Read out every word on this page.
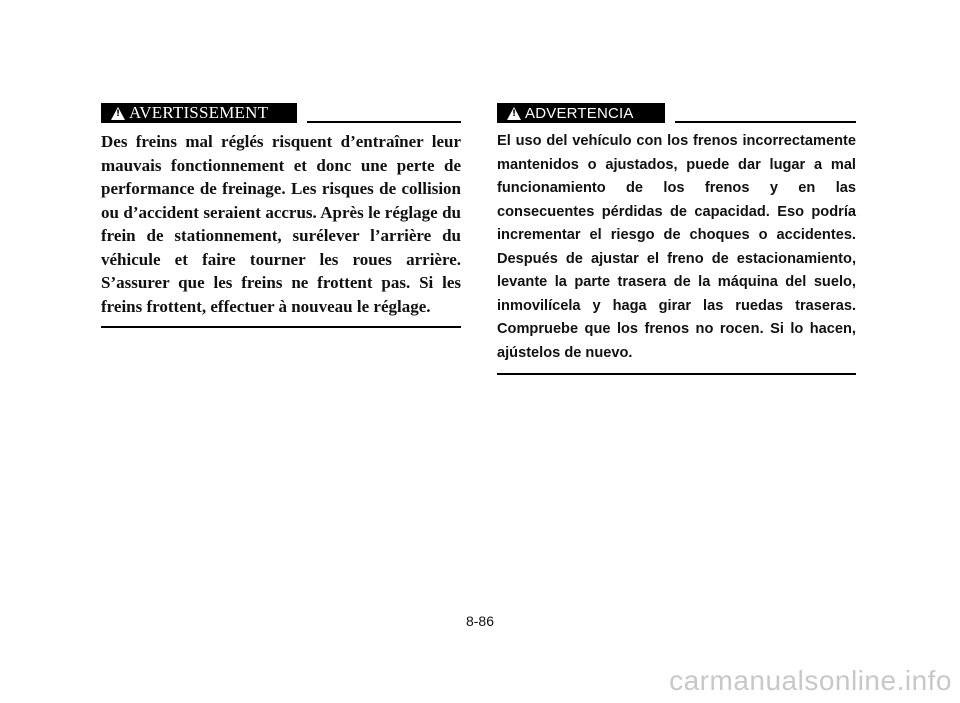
!
AVERTISSEMENT

Des freins mal réglés risquent d’entraîner leur mauvais fonctionnement et donc une perte de performance de freinage. Les risques de collision ou d’accident seraient accrus. Après le réglage du frein de stationnement, surélever l’arrière du véhicule et faire tourner les roues arrière. S’assurer que les freins ne frottent pas. Si les freins frottent, effectuer à nouveau le réglage.

!
ADVERTENCIA

El uso del vehículo con los frenos incorrectamente mantenidos o ajustados, puede dar lugar a mal funcionamiento de los frenos y en las consecuentes pérdidas de capacidad. Eso podría incrementar el riesgo de choques o accidentes. Después de ajustar el freno de estacionamiento, levante la parte trasera de la máquina del suelo, inmovilícela y haga girar las ruedas traseras. Compruebe que los frenos no rocen. Si lo hacen, ajústelos de nuevo.

8-86
carmanualsonline.info
